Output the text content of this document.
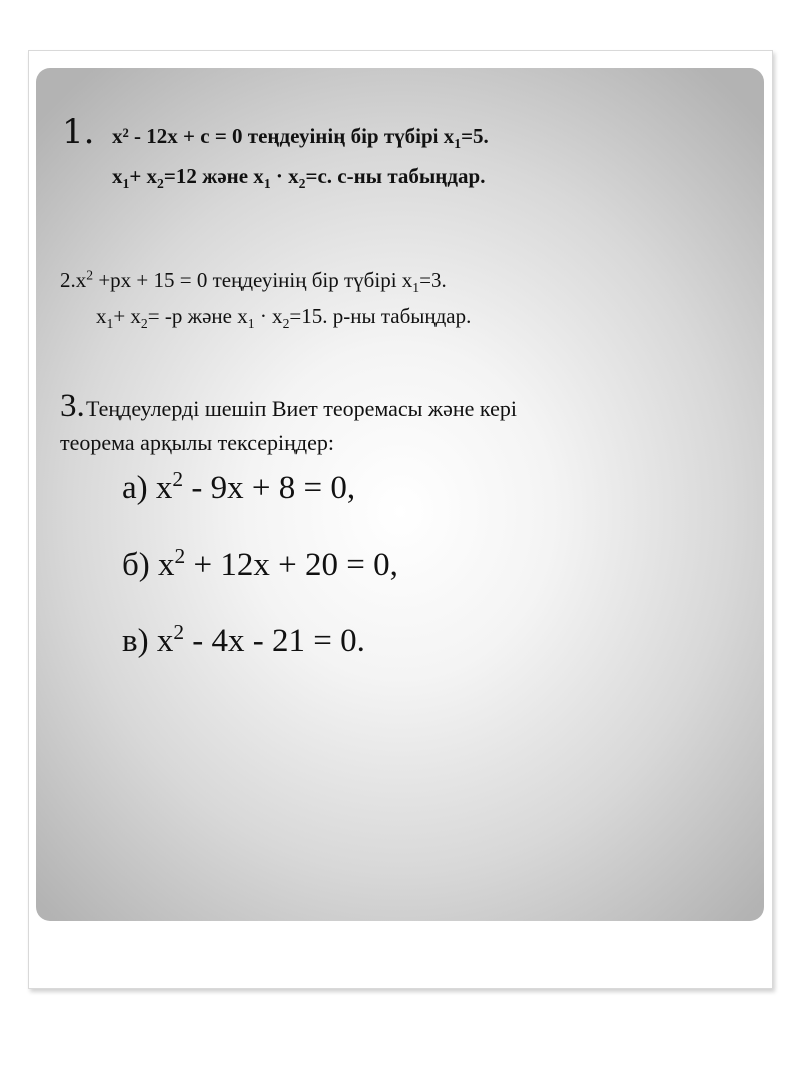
1. x² - 12x + c = 0 теңдеуінің бір түбірі $x_1=5$.
$x_1+ x_2=12$ және $x_1 \cdot x_2=c$. c-ны табыңдар.
$2.x^2 +px + 15 = 0$ теңдеуінің бір түбірі $x_1=3$.
$x_1+ x_2= -p$ және $x_1 \cdot x_2=15$. p-ны табыңдар.
3. Теңдеулерді шешіп Виет теоремасы және кері
теорема арқылы тексеріңдер:
а) $x^2 - 9x + 8 = 0$,
б) $x^2 + 12x + 20 = 0$,
в) $x^2 - 4x - 21 = 0$.
